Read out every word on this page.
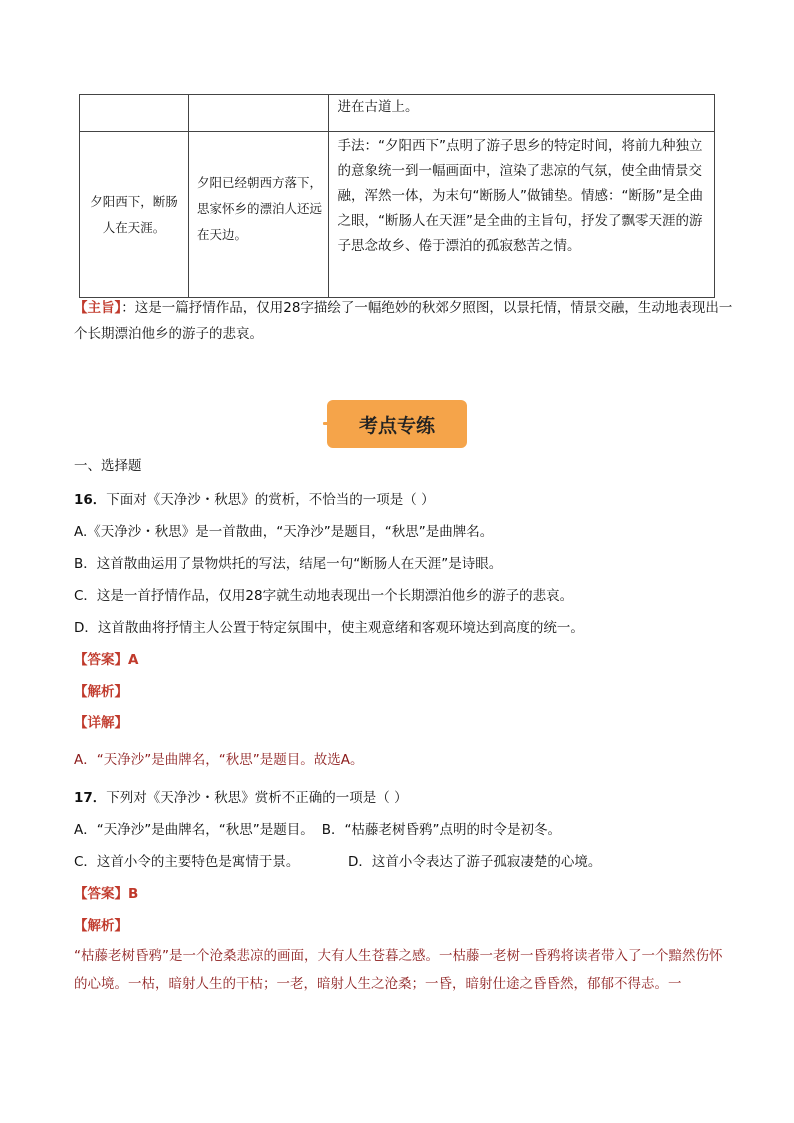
		进在古道上。

夕阳西下，断肠人在天涯。	夕阳已经朝西方落下，思家怀乡的漂泊人还远在天边。	手法：“夕阳西下”点明了游子思乡的特定时间，将前九种独立的意象统一到一幅画面中，渲染了悲凉的气氛，使全曲情景交融，浑然一体，为末句“断肠人”做铺垫。情感：“断肠”是全曲之眼，“断肠人在天涯”是全曲的主旨句，抒发了飘零天涯的游子思念故乡、倦于漂泊的孤寂愁苦之情。
【主旨】：这是一篇抒情作品，仅用28字描绘了一幅绝妙的秋郊夕照图，以景托情，情景交融，生动地表现出一个长期漂泊他乡的游子的悲哀。
考点专练
一、选择题
16．下面对《天净沙・秋思》的赏析，不恰当的一项是（ ）
A.《天净沙・秋思》是一首散曲，“天净沙”是题目，“秋思”是曲牌名。
B．这首散曲运用了景物烘托的写法，结尾一句“断肠人在天涯”是诗眼。
C．这是一首抒情作品，仅用28字就生动地表现出一个长期漂泊他乡的游子的悲哀。
D．这首散曲将抒情主人公置于特定氛围中，使主观意绪和客观环境达到高度的统一。
【答案】A
【解析】
【详解】
A．“天净沙”是曲牌名，“秋思”是题目。故选A。
17．下列对《天净沙・秋思》赏析不正确的一项是（ ）
A．“天净沙”是曲牌名，“秋思”是题目。 B．“枯藤老树昏鸦”点明的时令是初冬。
C．这首小令的主要特色是寓情于景。	D．这首小令表达了游子孤寂凄楚的心境。
【答案】B
【解析】
“枯藤老树昏鸦”是一个沧桑悲凉的画面，大有人生苍暮之感。一枯藤一老树一昏鸦将读者带入了一个黯然伤怀的心境。一枯，暗射人生的干枯；一老，暗射人生之沧桑；一昏，暗射仕途之昏昏然，郁郁不得志。一
